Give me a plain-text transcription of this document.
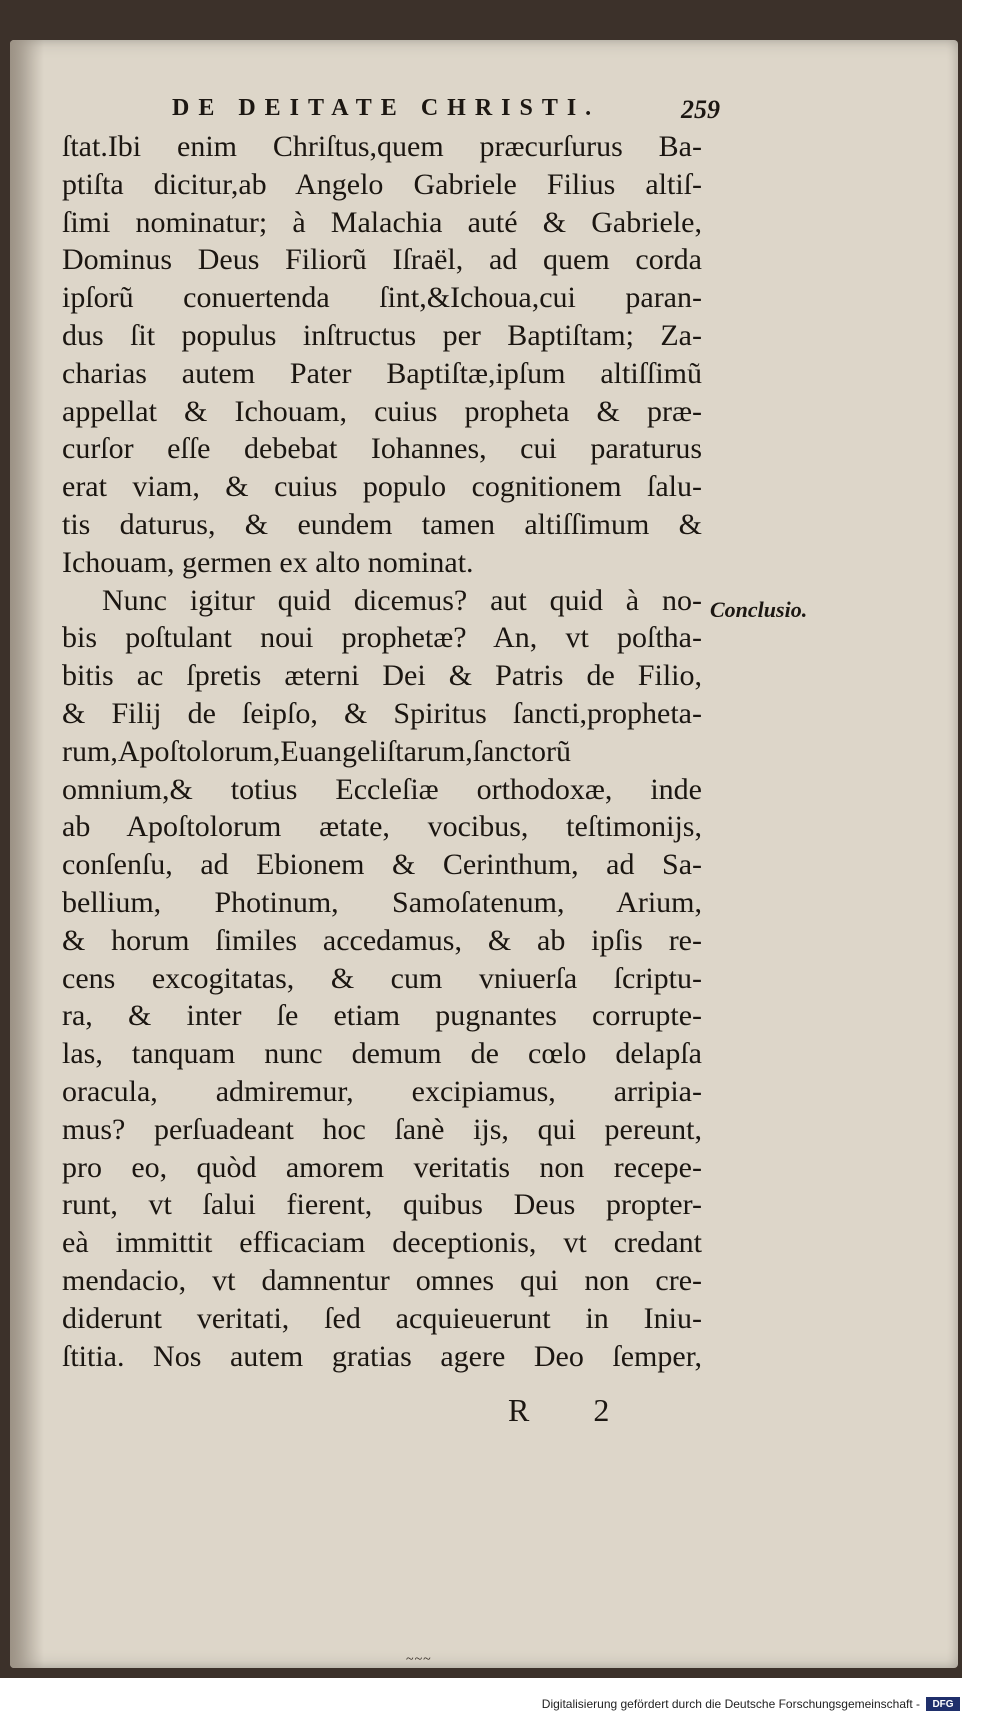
DE DEITATE CHRISTI.	259
ſtat.Ibi enim Chriſtus,quem præcurſurus Ba-
ptiſta dicitur,ab Angelo Gabriele Filius altiſ-
ſimi nominatur; à Malachia auté & Gabriele,
Dominus Deus Filiorũ Iſraël, ad quem corda
ipſorũ conuertenda ſint,&Ichoua,cui paran-
dus ſit populus inſtructus per Baptiſtam; Za-
charias autem Pater Baptiſtæ,ipſum altiſſimũ
appellat & Ichouam, cuius propheta & præ-
curſor eſſe debebat Iohannes, cui paraturus
erat viam, & cuius populo cognitionem ſalu-
tis daturus, & eundem tamen altiſſimum &
Ichouam, germen ex alto nominat.
Nunc igitur quid dicemus? aut quid à no-
bis poſtulant noui prophetæ? An, vt poſtha-
bitis ac ſpretis æterni Dei & Patris de Filio,
& Filij de ſeipſo, & Spiritus ſancti,propheta-
rum,Apoſtolorum,Euangeliſtarum,ſanctorũ
omnium,& totius Eccleſiæ orthodoxæ, inde
ab Apoſtolorum ætate, vocibus, teſtimonijs,
conſenſu, ad Ebionem & Cerinthum, ad Sa-
bellium, Photinum, Samoſatenum, Arium,
& horum ſimiles accedamus, & ab ipſis re-
cens excogitatas, & cum vniuerſa ſcriptu-
ra, & inter ſe etiam pugnantes corrupte-
las, tanquam nunc demum de cœlo delapſa
oracula, admiremur, excipiamus, arripia-
mus? perſuadeant hoc ſanè ijs, qui pereunt,
pro eo, quòd amorem veritatis non recepe-
runt, vt ſalui fierent, quibus Deus propter-
eà immittit efficaciam deceptionis, vt credant
mendacio, vt damnentur omnes qui non cre-
diderunt veritati, ſed acquieuerunt in Iniu-
ſtitia. Nos autem gratias agere Deo ſemper,
Conclusio.
R 2
~~~
Digitalisierung gefördert durch die Deutsche Forschungsgemeinschaft -	DFG
